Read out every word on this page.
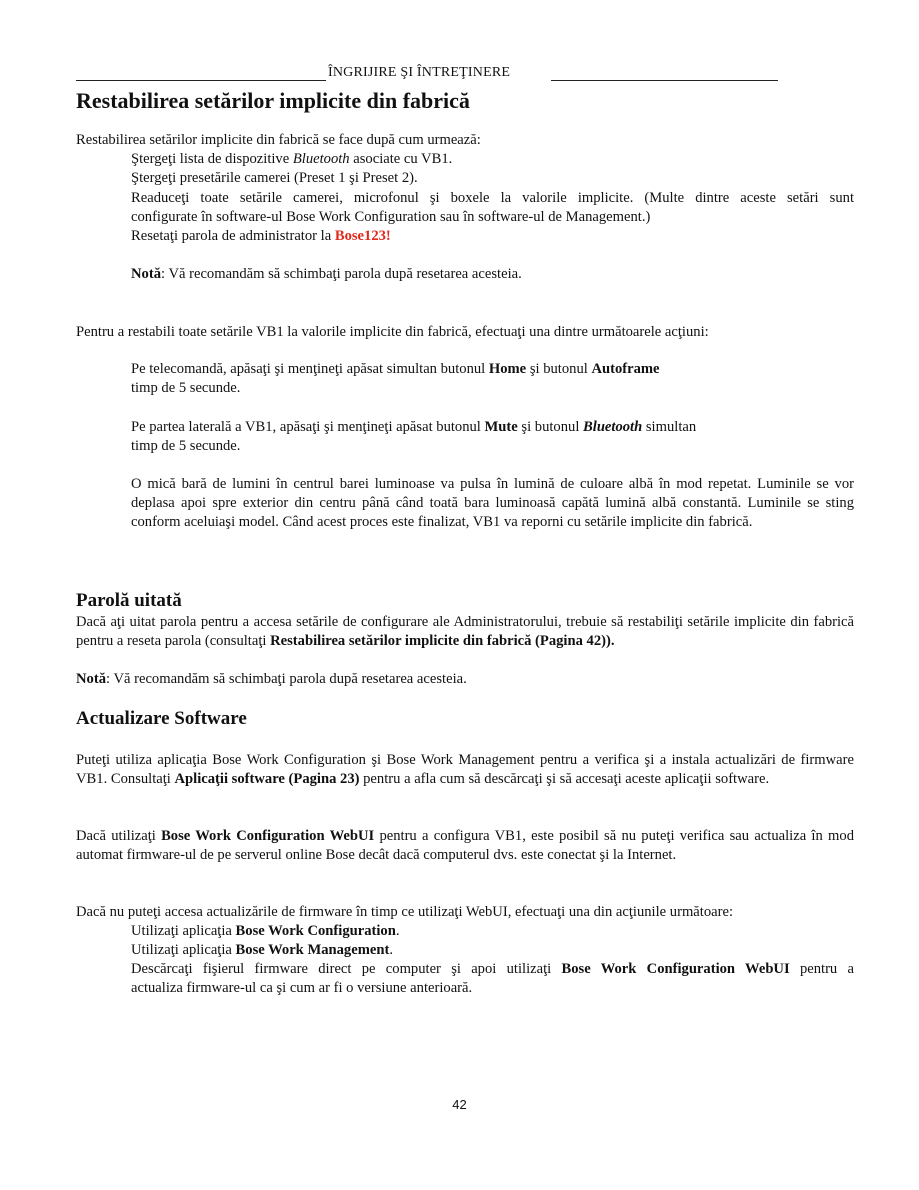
ÎNGRIJIRE ŞI ÎNTREŢINERE
Restabilirea setărilor implicite din fabrică

Restabilirea setărilor implicite din fabrică se face după cum urmează:

Ştergeţi lista de dispozitive Bluetooth asociate cu VB1.

Ştergeţi presetările camerei (Preset 1 şi Preset 2).

Readuceţi toate setările camerei, microfonul şi boxele la valorile implicite. (Multe dintre aceste setări sunt

configurate în software-ul Bose Work Configuration sau în software-ul de Management.)

Resetaţi parola de administrator la Bose123!

Notă: Vă recomandăm să schimbaţi parola după resetarea acesteia.

Pentru a restabili toate setările VB1 la valorile implicite din fabrică, efectuaţi una dintre următoarele acţiuni:

Pe telecomandă, apăsaţi şi menţineţi apăsat simultan butonul Home şi butonul Autoframe
timp de 5 secunde.

Pe partea laterală a VB1, apăsaţi şi menţineţi apăsat butonul Mute şi butonul Bluetooth simultan
timp de 5 secunde.

O mică bară de lumini în centrul barei luminoase va pulsa în lumină de culoare albă în mod repetat. Luminile se vor deplasa apoi spre exterior din centru până când toată bara luminoasă capătă lumină albă constantă. Luminile se sting conform aceluiaşi model. Când acest proces este finalizat, VB1 va reporni cu setările implicite din fabrică.

Parolă uitată

Dacă aţi uitat parola pentru a accesa setările de configurare ale Administratorului, trebuie să restabiliţi setările implicite din fabrică pentru a reseta parola (consultaţi Restabilirea setărilor implicite din fabrică (Pagina 42)).

Notă: Vă recomandăm să schimbaţi parola după resetarea acesteia.

Actualizare Software

Puteţi utiliza aplicaţia Bose Work Configuration şi Bose Work Management pentru a verifica şi a instala actualizări de firmware VB1. Consultaţi Aplicaţii software (Pagina 23) pentru a afla cum să descărcaţi şi să accesaţi aceste aplicaţii software.

Dacă utilizaţi Bose Work Configuration WebUI pentru a configura VB1, este posibil să nu puteţi verifica sau actualiza în mod automat firmware-ul de pe serverul online Bose decât dacă computerul dvs. este conectat şi la Internet.

Dacă nu puteţi accesa actualizările de firmware în timp ce utilizaţi WebUI, efectuaţi una din acţiunile următoare:

Utilizaţi aplicaţia Bose Work Configuration.

Utilizaţi aplicaţia Bose Work Management.

Descărcaţi fişierul firmware direct pe computer şi apoi utilizaţi Bose Work Configuration WebUI pentru a

actualiza firmware-ul ca şi cum ar fi o versiune anterioară.

42
